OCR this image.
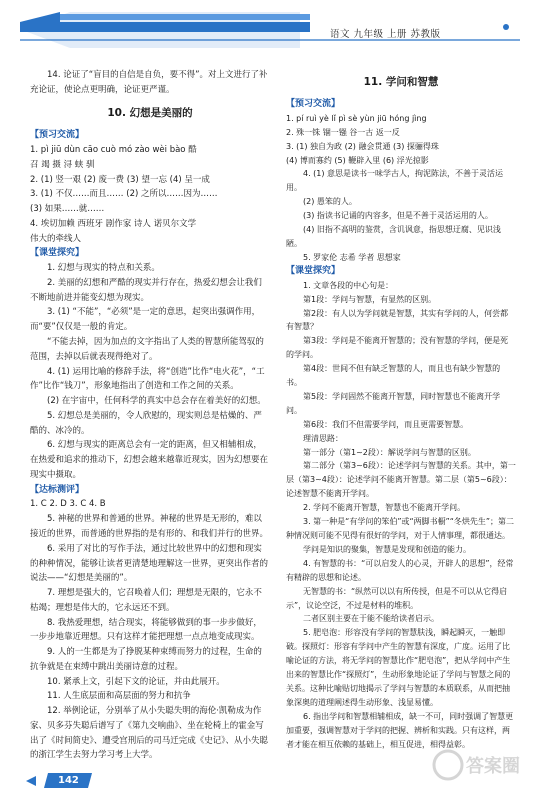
语文 九年级 上册 苏教版

14. 论证了“盲目的自信是自负，要不得”。对上文进行了补充论证，使论点更明确，论证更严谨。

10. 幻想是美丽的

【预习交流】

1. pì jiū dùn cāo cuò mó zào wèi bào 酷

召 竭 摄 浔 蛱 驯

2. (1) 竖一艰 (2) 废一费 (3) 望一忘 (4) 呈一成

3. (1) 不仅……而且…… (2) 之所以……因为……

(3) 如果……就……

4. 埃切加赖 西班牙 剧作家 诗人 诺贝尔文学

伟大的牵线人

【课堂探究】

1. 幻想与现实的特点和关系。

2. 美丽的幻想和严酷的现实并行存在，热爱幻想会让我们不断地前进并能变幻想为现实。

3. (1) “不能”，“必须”是一定的意思，起突出强调作用，而“要”仅仅是一般的肯定。

“不能去掉，因为加点的文字指出了人类的智慧所能驾驭的范围，去掉以后就表现得绝对了。

4. (1) 运用比喻的修辞手法，将“创造”比作“电火花”，“工作”比作“钱刀”，形象地指出了创造和工作之间的关系。

(2) 在宇宙中，任何科学的真实中总会存在着美好的幻想。

5. 幻想总是美丽的，令人欣慰的，现实则总是枯燥的、严酷的、冰冷的。

6. 幻想与现实的距离总会有一定的距离，但又相辅相成，在热爱和追求的推动下，幻想会越来越靠近现实，因为幻想要在现实中摄取。

【达标测评】

1. C 2. D 3. C 4. B

5. 神秘的世界和普通的世界。神秘的世界是无形的，难以接近的世界，而普通的世界指的是有形的、和我们并行的世界。

6. 采用了对比的写作手法，通过比较世界中的幻想和现实的种种情况，能够让读者更清楚地理解这一世界，更突出作者的说法——“幻想是美丽的”。

7. 理想是强大的，它召唤着人们；理想是无限的，它永不枯竭；理想是伟大的，它永远还不到。

8. 我热爱理想，结合现实，将能够做到的事一步步做好，一步步地靠近理想。只有这样才能把理想一点点地变成现实。

9. 人的一生都是为了挣脱某种束缚而努力的过程，生命的抗争就是在束缚中跳出美丽诗意的过程。

10. 紧承上文，引起下文的论证，并由此展开。

11. 人生底层面和高层面的努力和抗争

12. 举例论证，分别举了从小失聪失明的海伦·凯勒成为作家、贝多芬失聪后谱写了《第九交响曲》、坐在轮椅上的霍金写出了《时间简史》、遭受宫刑后的司马迁完成《史记》、从小失聪的浙江学生去努力学习考上大学。

11. 学问和智慧

【预习交流】

1. pí ruì yè lǐ pì sè yùn jiū hóng jìng

2. 殊一铢 锢一镪 谷一古 返一反

3. (1) 独自为政 (2) 融会贯通 (3) 探骊得珠

(4) 博而寡约 (5) 鞭辟入里 (6) 浮光掠影

4. (1) 意思是读书一味学古人，拘泥陈法，不善于灵活运用。

(2) 愚笨的人。

(3) 指读书记诵的内容多，但是不善于灵活运用的人。

(4) 旧指不高明的鉴赏，含讥讽意，指思想迂腐、见识浅陋。

5. 罗家伦 志希 学者 思想家

【课堂探究】

1. 文章各段的中心句是：

第1段：学问与智慧，有显然的区别。

第2段：有人以为学问就是智慧，其实有学问的人，何尝都有智慧？

第3段：学问是不能离开智慧的；没有智慧的学问，便是死的学问。

第4段：世间不但有缺乏智慧的人，而且也有缺少智慧的书。

第5段：学问固然不能离开智慧，同时智慧也不能离开学问。

第6段：我们不但需要学问，而且更需要智慧。

理清思路：

第一部分（第1~2段）：解说学问与智慧的区别。

第二部分（第3~6段）：论述学问与智慧的关系。其中，第一层（第3~4段）：论述学问不能离开智慧。第二层（第5~6段）：论述智慧不能离开学问。

2. 学问不能离开智慧，智慧也不能离开学问。

3. 第一种是“有学问的笨伯”或“两脚书橱”“冬烘先生”；第二种情况则可能不见得有很好的学问，对于人情事理，都很通达。

学问是知识的聚集，智慧是发现和创造的能力。

4. 有智慧的书：“可以启发人的心灵，开辟人的思想”，经常有精辟的思想和论述。

无智慧的书：“纵然可以以有所传授，但是不可以从它得启示”，议论空泛，不过是材料的堆积。

二者区别主要在于能不能给读者启示。

5. 肥皂泡：形容没有学问的智慧肤浅，瞬起瞬灭，一触即破。探照灯：形容有学问中产生的智慧有深度，广度。运用了比喻论证的方法，将无学问的智慧比作“肥皂泡”，把从学问中产生出来的智慧比作“探照灯”，生动形象地论证了学问与智慧之间的关系。这种比喻贴切地揭示了学问与智慧的本质联系，从而把抽象深奥的道理阐述得生动形象、浅显易懂。

6. 指出学问和智慧相辅相成，缺一不可，同时强调了智慧更加重要，强调智慧对于学问的把握、辨析和实践。只有这样，两者才能在相互依赖的基础上，相互促进，相得益彰。

142
答案圈
